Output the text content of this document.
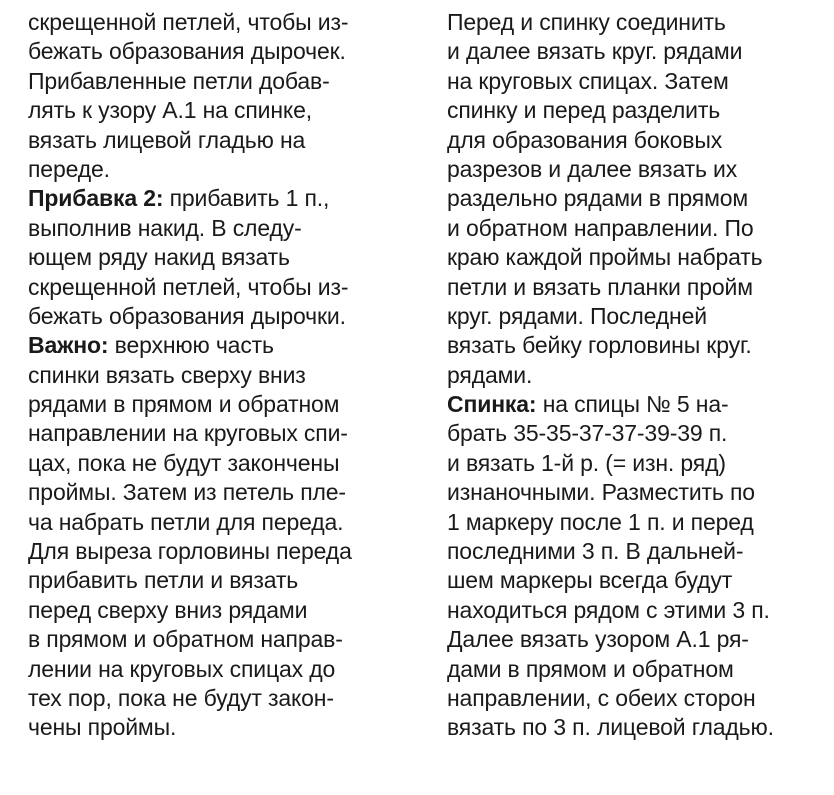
скрещенной петлей, чтобы из-
бежать образования дырочек.
Прибавленные петли добав-
лять к узору А.1 на спинке,
вязать лицевой гладью на
переде.
Прибавка 2: прибавить 1 п.,
выполнив накид. В следу-
ющем ряду накид вязать
скрещенной петлей, чтобы из-
бежать образования дырочки.
Важно: верхнюю часть
спинки вязать сверху вниз
рядами в прямом и обратном
направлении на круговых спи-
цах, пока не будут закончены
проймы. Затем из петель пле-
ча набрать петли для переда.
Для выреза горловины переда
прибавить петли и вязать
перед сверху вниз рядами
в прямом и обратном направ-
лении на круговых спицах до
тех пор, пока не будут закон-
чены проймы.
Перед и спинку соединить
и далее вязать круг. рядами
на круговых спицах. Затем
спинку и перед разделить
для образования боковых
разрезов и далее вязать их
раздельно рядами в прямом
и обратном направлении. По
краю каждой проймы набрать
петли и вязать планки пройм
круг. рядами. Последней
вязать бейку горловины круг.
рядами.
Спинка: на спицы № 5 на-
брать 35-35-37-37-39-39 п.
и вязать 1-й р. (= изн. ряд)
изнаночными. Разместить по
1 маркеру после 1 п. и перед
последними 3 п. В дальней-
шем маркеры всегда будут
находиться рядом с этими 3 п.
Далее вязать узором А.1 ря-
дами в прямом и обратном
направлении, с обеих сторон
вязать по 3 п. лицевой гладью.
